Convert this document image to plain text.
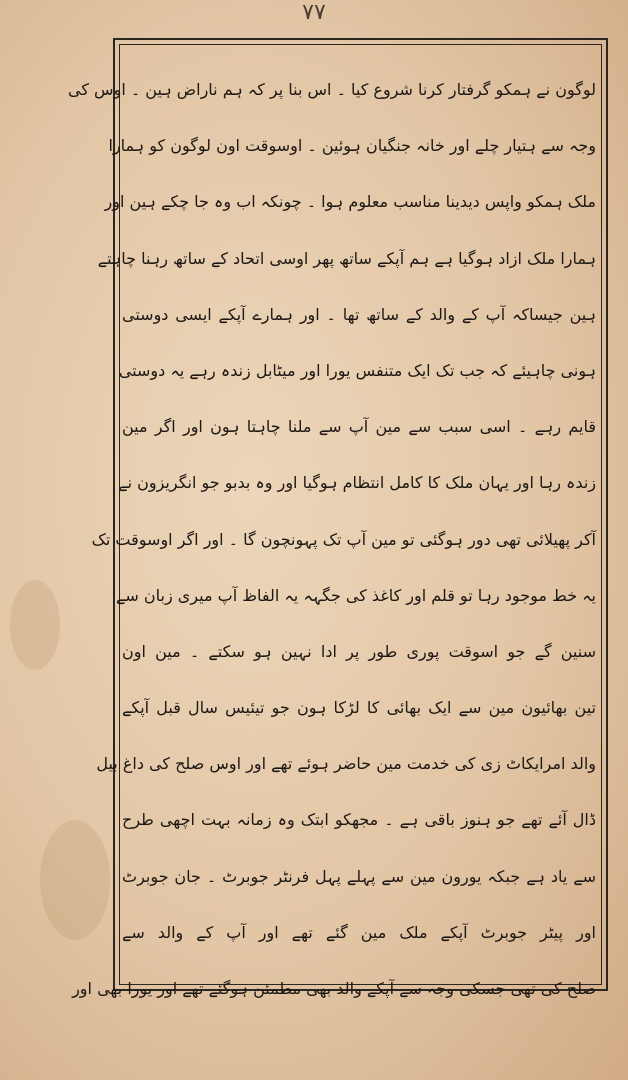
۷۷
لوگون نے ہمکو گرفتار کرنا شروع کیا ۔ اس بنا پر کہ ہم ناراض ہین ۔ اوس کی
وجہ سے ہتیار چلے اور خانہ جنگیان ہوئین ۔ اوسوقت اون لوگون کو ہمارا
ملک ہمکو واپس دیدینا مناسب معلوم ہوا ۔ چونکہ اب وہ جا چکے ہین اور
ہمارا ملک ازاد ہوگیا ہے ہم آپکے ساتھ پھر اوسی اتحاد کے ساتھ رہنا چاہتے
ہین جیساکہ آپ کے والد کے ساتھ تھا ۔ اور ہمارے آپکے ایسی دوستی
ہونی چاہیئے کہ جب تک ایک متنفس یورا اور میٹابل زندہ رہے یہ دوستی
قایم رہے ۔ اسی سبب سے مین آپ سے ملنا چاہتا ہون اور اگر مین
زندہ رہا اور یہان ملک کا کامل انتظام ہوگیا اور وہ بدبو جو انگریزون نے
آکر پھیلائی تھی دور ہوگئی تو مین آپ تک پہونچون گا ۔ اور اگر اوسوقت تک
یہ خط موجود رہا تو قلم اور کاغذ کی جگہہ یہ الفاظ آپ میری زبان سے
سنین گے جو اسوقت پوری طور پر ادا نہین ہو سکتے ۔ مین اون
تین بھائیون مین سے ایک بھائی کا لڑکا ہون جو تیئیس سال قبل آپکے
والد امرایکاٹ زی کی خدمت مین حاضر ہوئے تھے اور اوس صلح کی داغ بیل
ڈال آئے تھے جو ہنوز باقی ہے ۔ مجھکو ابتک وہ زمانہ بہت اچھی طرح
سے یاد ہے جبکہ یورون مین سے پہلے پہل فرنٹر جوبرٹ ۔ جان جوبرٹ
اور پیٹر جوبرٹ آپکے ملک مین گئے تھے اور آپ کے والد سے
صلح کی تھی جسکی وجہ سے آپکے والد بھی مطمئن ہوگئے تھے اور یورا بھی اور
